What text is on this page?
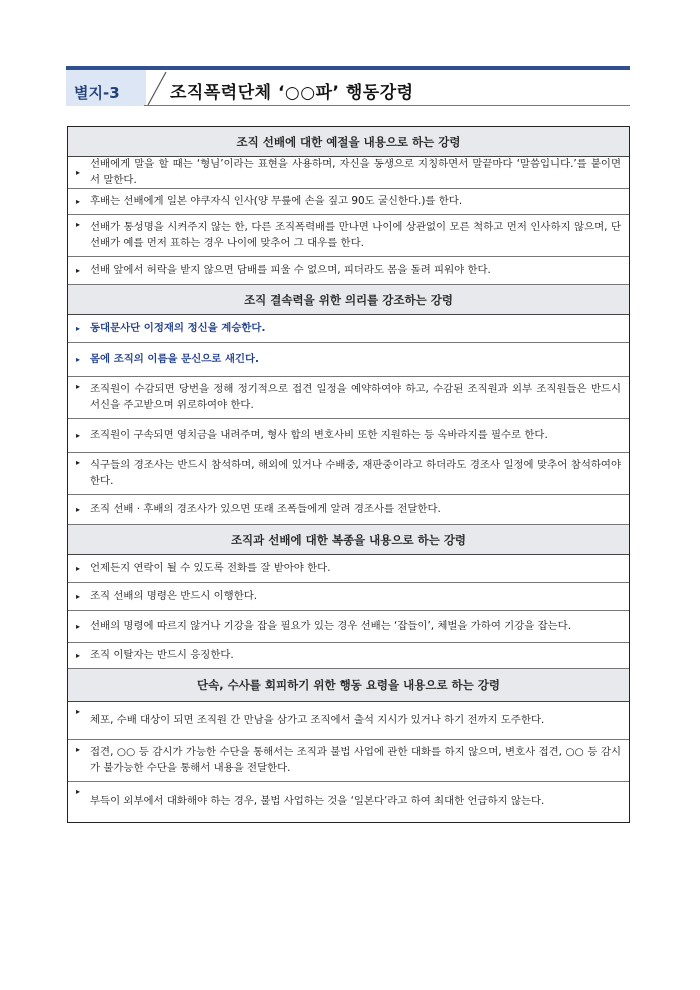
별지-3	조직폭력단체 ‘○○파’ 행동강령
조직 선배에 대한 예절을 내용으로 하는 강령
▸
선배에게 말을 할 때는 ‘형님’이라는 표현을 사용하며, 자신을 동생으로 지칭하면서 말끝마다 ‘말씀입니다.’를 붙이면서 말한다.
▸ 후배는 선배에게 일본 야쿠자식 인사(양 무릎에 손을 짚고 90도 굴신한다.)를 한다.
▸ 선배가 통성명을 시켜주지 않는 한, 다른 조직폭력배를 만나면 나이에 상관없이 모른 척하고 먼저 인사하지 않으며, 단 선배가 예를 먼저 표하는 경우 나이에 맞추어 그 대우를 한다.
▸ 선배 앞에서 허락을 받지 않으면 담배를 피울 수 없으며, 피더라도 몸을 돌려 피워야 한다.
조직 결속력을 위한 의리를 강조하는 강령
▸ 동대문사단 이정재의 정신을 계승한다.
▸ 몸에 조직의 이름을 문신으로 새긴다.
▸ 조직원이 수감되면 당번을 정해 정기적으로 접견 일정을 예약하여야 하고, 수감된 조직원과 외부 조직원들은 반드시 서신을 주고받으며 위로하여야 한다.
▸ 조직원이 구속되면 영치금을 내려주며, 형사 합의 변호사비 또한 지원하는 등 옥바라지를 필수로 한다.
▸ 식구들의 경조사는 반드시 참석하며, 해외에 있거나 수배중, 재판중이라고 하더라도 경조사 일정에 맞추어 참석하여야 한다.
▸ 조직 선배 · 후배의 경조사가 있으면 또래 조폭들에게 알려 경조사를 전달한다.
조직과 선배에 대한 복종을 내용으로 하는 강령
▸ 언제든지 연락이 될 수 있도록 전화를 잘 받아야 한다.
▸ 조직 선배의 명령은 반드시 이행한다.
▸ 선배의 명령에 따르지 않거나 기강을 잡을 필요가 있는 경우 선배는 ‘잡들이’, 체벌을 가하여 기강을 잡는다.
▸ 조직 이탈자는 반드시 응징한다.
단속, 수사를 회피하기 위한 행동 요령을 내용으로 하는 강령
▸
체포, 수배 대상이 되면 조직원 간 만남을 삼가고 조직에서 출석 지시가 있거나 하기 전까지 도주한다.
▸ 접견, ○○ 등 감시가 가능한 수단을 통해서는 조직과 불법 사업에 관한 대화를 하지 않으며, 변호사 접견, ○○ 등 감시가 불가능한 수단을 통해서 내용을 전달한다.
▸
부득이 외부에서 대화해야 하는 경우, 불법 사업하는 것을 ‘일본다’라고 하여 최대한 언급하지 않는다.
